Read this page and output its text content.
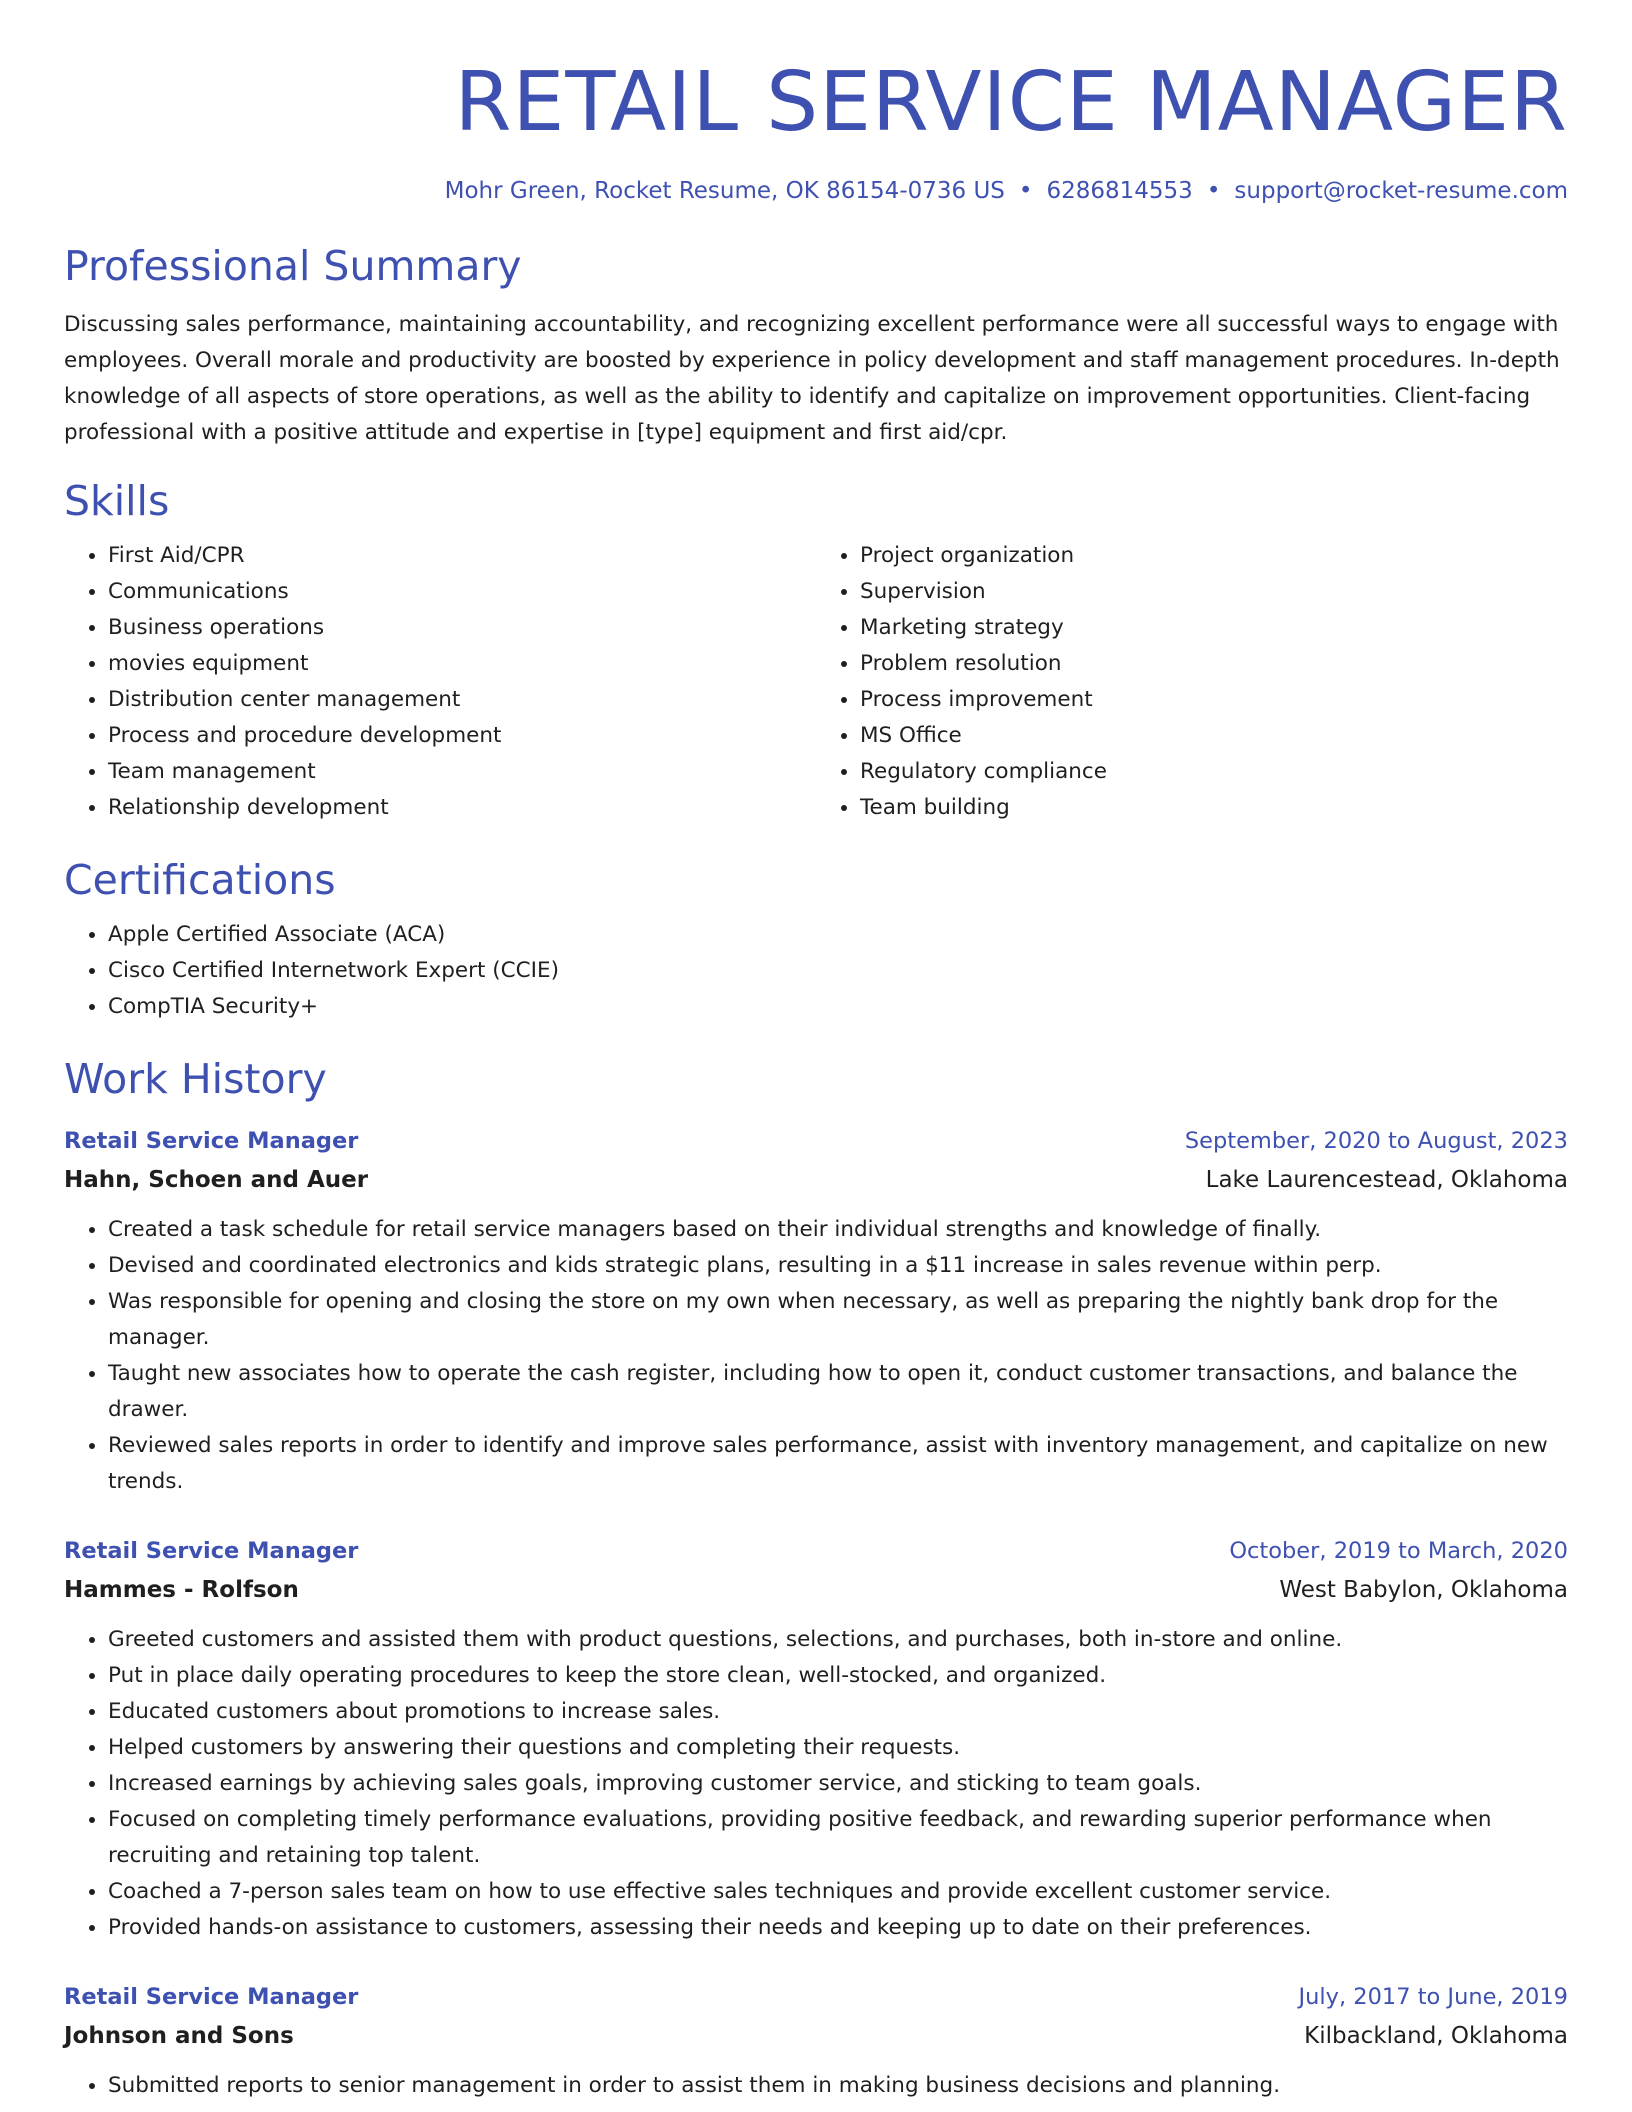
RETAIL SERVICE MANAGER
Mohr Green, Rocket Resume, OK 86154-0736 US • 6286814553 • support@rocket-resume.com
Professional Summary
Discussing sales performance, maintaining accountability, and recognizing excellent performance were all successful ways to engage with employees. Overall morale and productivity are boosted by experience in policy development and staff management procedures. In-depth knowledge of all aspects of store operations, as well as the ability to identify and capitalize on improvement opportunities. Client-facing professional with a positive attitude and expertise in [type] equipment and first aid/cpr.
Skills
• First Aid/CPR
• Communications
• Business operations
• movies equipment
• Distribution center management
• Process and procedure development
• Team management
• Relationship development
• Project organization
• Supervision
• Marketing strategy
• Problem resolution
• Process improvement
• MS Office
• Regulatory compliance
• Team building
Certifications
• Apple Certified Associate (ACA)
• Cisco Certified Internetwork Expert (CCIE)
• CompTIA Security+
Work History
Retail Service Manager	September, 2020 to August, 2023
Hahn, Schoen and Auer	Lake Laurencestead, Oklahoma
• Created a task schedule for retail service managers based on their individual strengths and knowledge of finally.
• Devised and coordinated electronics and kids strategic plans, resulting in a $11 increase in sales revenue within perp.
• Was responsible for opening and closing the store on my own when necessary, as well as preparing the nightly bank drop for the manager.
• Taught new associates how to operate the cash register, including how to open it, conduct customer transactions, and balance the drawer.
• Reviewed sales reports in order to identify and improve sales performance, assist with inventory management, and capitalize on new trends.
Retail Service Manager	October, 2019 to March, 2020
Hammes - Rolfson	West Babylon, Oklahoma
• Greeted customers and assisted them with product questions, selections, and purchases, both in-store and online.
• Put in place daily operating procedures to keep the store clean, well-stocked, and organized.
• Educated customers about promotions to increase sales.
• Helped customers by answering their questions and completing their requests.
• Increased earnings by achieving sales goals, improving customer service, and sticking to team goals.
• Focused on completing timely performance evaluations, providing positive feedback, and rewarding superior performance when recruiting and retaining top talent.
• Coached a 7-person sales team on how to use effective sales techniques and provide excellent customer service.
• Provided hands-on assistance to customers, assessing their needs and keeping up to date on their preferences.
Retail Service Manager	July, 2017 to June, 2019
Johnson and Sons	Kilbackland, Oklahoma
• Submitted reports to senior management in order to assist them in making business decisions and planning.
